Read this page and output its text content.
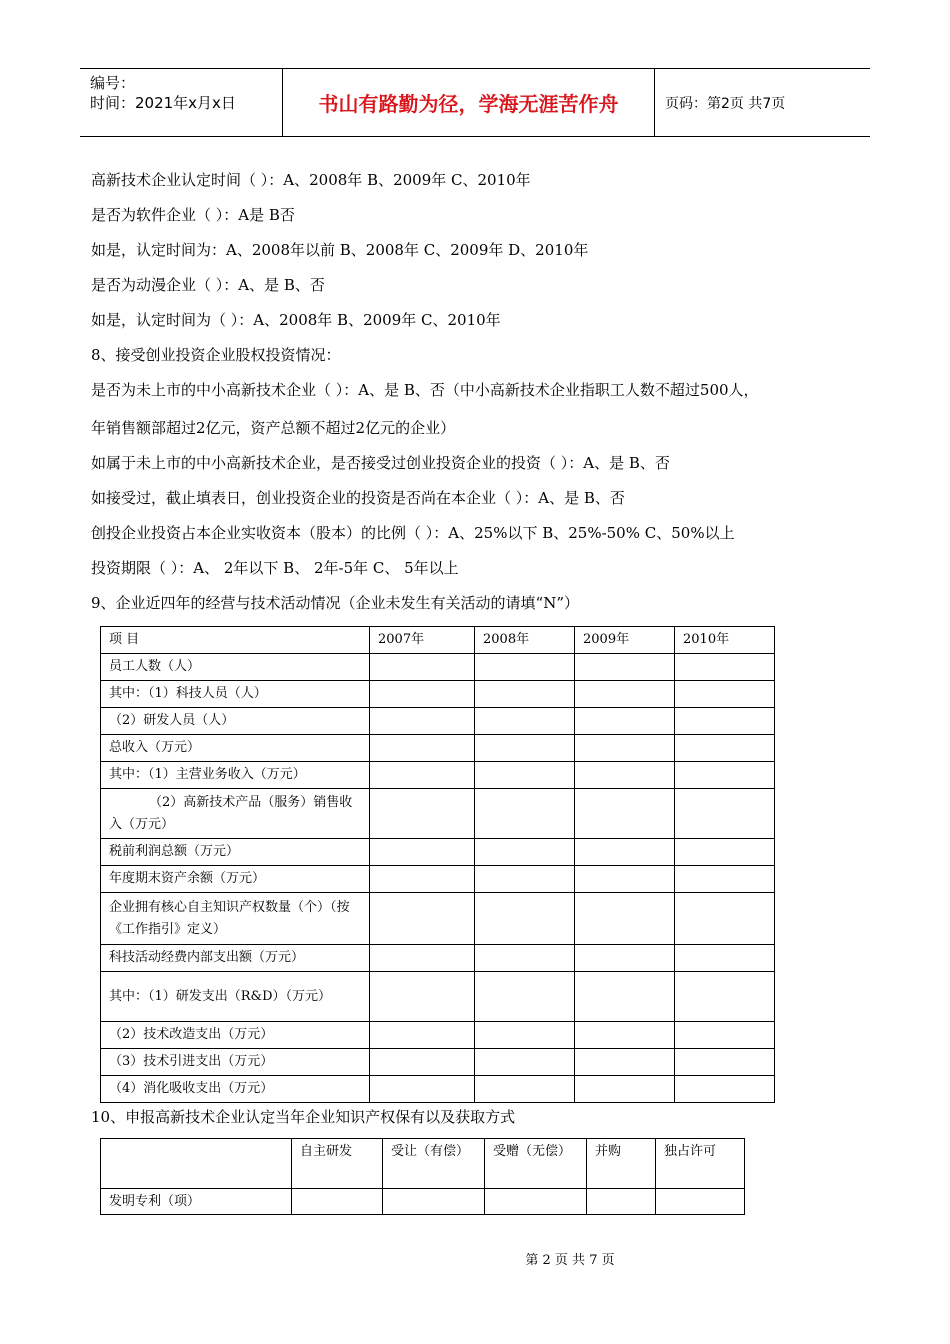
编号：
时间：2021年x月x日	书山有路勤为径，学海无涯苦作舟	页码：第2页 共7页
高新技术企业认定时间（ ）：A、2008年 B、2009年 C、2010年
是否为软件企业（ ）：A是 B否
如是，认定时间为：A、2008年以前 B、2008年 C、2009年 D、2010年
是否为动漫企业（ ）：A、是 B、否
如是，认定时间为（ ）：A、2008年 B、2009年 C、2010年
8、接受创业投资企业股权投资情况：
是否为未上市的中小高新技术企业（ ）：A、是 B、否（中小高新技术企业指职工人数不超过500人，
年销售额部超过2亿元，资产总额不超过2亿元的企业）
如属于未上市的中小高新技术企业，是否接受过创业投资企业的投资（ ）：A、是 B、否
如接受过，截止填表日，创业投资企业的投资是否尚在本企业（ ）：A、是 B、否
创投企业投资占本企业实收资本（股本）的比例（ ）：A、25%以下 B、25%-50% C、50%以上
投资期限（ ）：A、 2年以下 B、 2年-5年 C、 5年以上
9、企业近四年的经营与技术活动情况（企业未发生有关活动的请填“N”）
项 目	2007年	2008年	2009年	2010年
员工人数（人）				
其中：（1）科技人员（人）				
（2）研发人员（人）				
总收入（万元）				
其中：（1）主营业务收入（万元）				
（2）高新技术产品（服务）销售收入（万元）				
税前利润总额（万元）				
年度期末资产余额（万元）				
企业拥有核心自主知识产权数量（个）（按《工作指引》定义）				
科技活动经费内部支出额（万元）				
其中：（1）研发支出（R&D）（万元）				
（2）技术改造支出（万元）				
（3）技术引进支出（万元）				
（4）消化吸收支出（万元）				
10、申报高新技术企业认定当年企业知识产权保有以及获取方式
	自主研发	受让（有偿）	受赠（无偿）	并购	独占许可
发明专利（项）					
第 2 页 共 7 页
